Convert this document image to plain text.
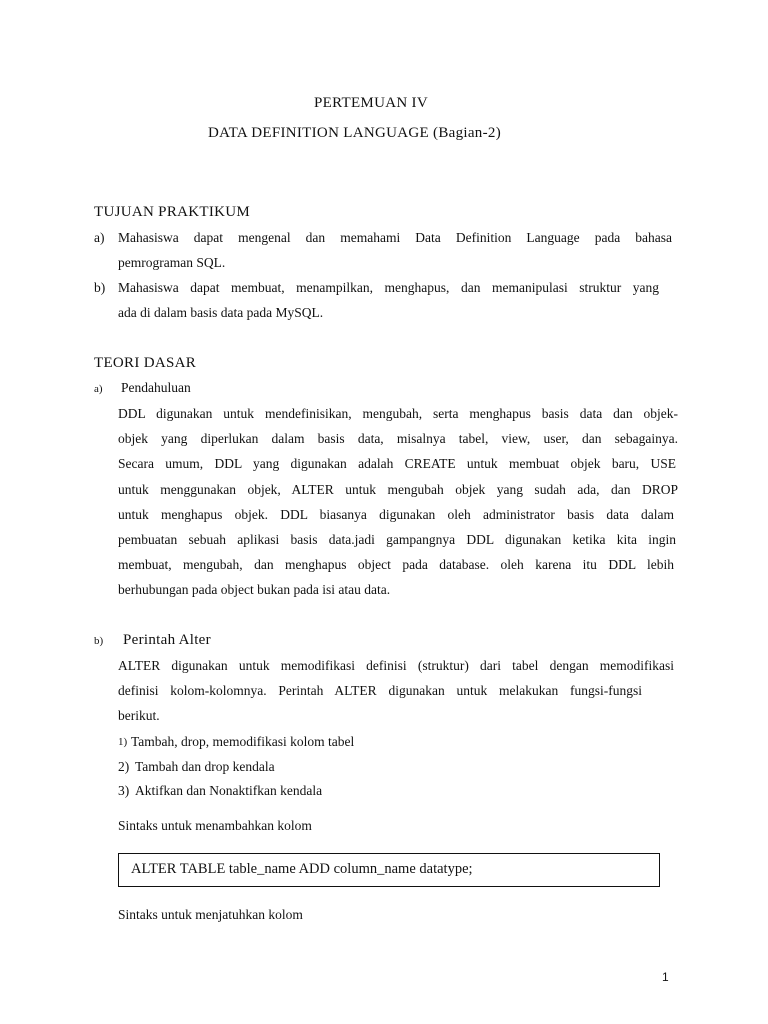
PERTEMUAN IV
DATA DEFINITION LANGUAGE (Bagian-2)
TUJUAN PRAKTIKUM
a) Mahasiswa dapat mengenal dan memahami Data Definition Language pada bahasa
pemrograman SQL.
b) Mahasiswa dapat membuat, menampilkan, menghapus, dan memanipulasi struktur yang
ada di dalam basis data pada MySQL.
TEORI DASAR
a) Pendahuluan
DDL digunakan untuk mendefinisikan, mengubah, serta menghapus basis data dan objek-
objek yang diperlukan dalam basis data, misalnya tabel, view, user, dan sebagainya.
Secara umum, DDL yang digunakan adalah CREATE untuk membuat objek baru, USE
untuk menggunakan objek, ALTER untuk mengubah objek yang sudah ada, dan DROP
untuk menghapus objek. DDL biasanya digunakan oleh administrator basis data dalam
pembuatan sebuah aplikasi basis data.jadi gampangnya DDL digunakan ketika kita ingin
membuat, mengubah, dan menghapus object pada database. oleh karena itu DDL lebih
berhubungan pada object bukan pada isi atau data.
b) Perintah Alter
ALTER digunakan untuk memodifikasi definisi (struktur) dari tabel dengan memodifikasi
definisi kolom-kolomnya. Perintah ALTER digunakan untuk melakukan fungsi-fungsi
berikut.
1) Tambah, drop, memodifikasi kolom tabel
2) Tambah dan drop kendala
3) Aktifkan dan Nonaktifkan kendala
Sintaks untuk menambahkan kolom
ALTER TABLE table_name ADD column_name datatype;
Sintaks untuk menjatuhkan kolom
1
